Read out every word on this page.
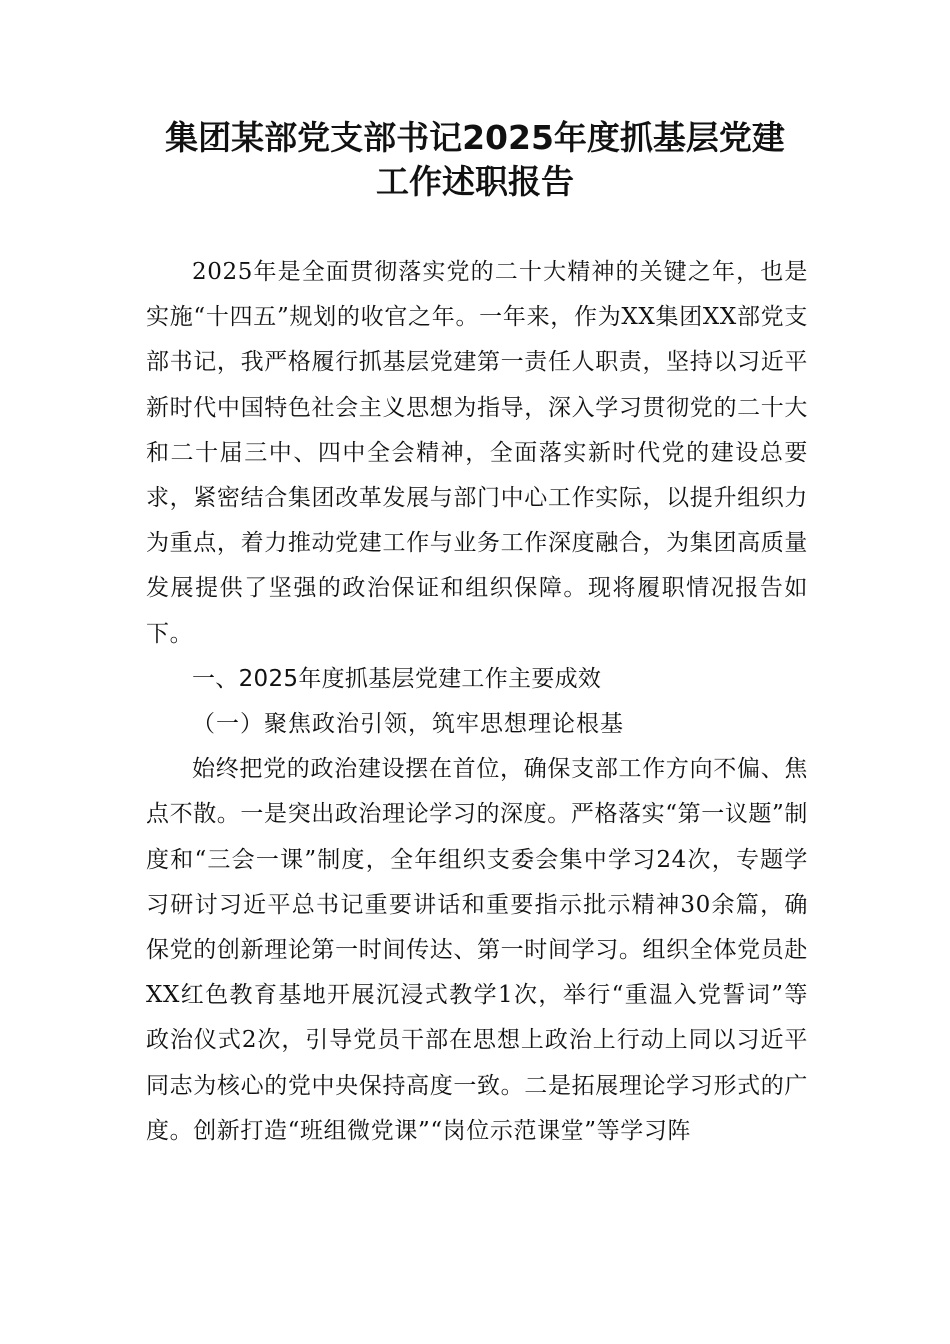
集团某部党支部书记2025年度抓基层党建
工作述职报告

2025年是全面贯彻落实党的二十大精神的关键之年，也是实施“十四五”规划的收官之年。一年来，作为XX集团XX部党支部书记，我严格履行抓基层党建第一责任人职责，坚持以习近平新时代中国特色社会主义思想为指导，深入学习贯彻党的二十大和二十届三中、四中全会精神，全面落实新时代党的建设总要求，紧密结合集团改革发展与部门中心工作实际，以提升组织力为重点，着力推动党建工作与业务工作深度融合，为集团高质量发展提供了坚强的政治保证和组织保障。现将履职情况报告如下。

一、2025年度抓基层党建工作主要成效

（一）聚焦政治引领，筑牢思想理论根基

始终把党的政治建设摆在首位，确保支部工作方向不偏、焦点不散。一是突出政治理论学习的深度。严格落实“第一议题”制度和“三会一课”制度，全年组织支委会集中学习24次，专题学习研讨习近平总书记重要讲话和重要指示批示精神30余篇，确保党的创新理论第一时间传达、第一时间学习。组织全体党员赴XX红色教育基地开展沉浸式教学1次，举行“重温入党誓词”等政治仪式2次，引导党员干部在思想上政治上行动上同以习近平同志为核心的党中央保持高度一致。二是拓展理论学习形式的广度。创新打造“班组微党课”“岗位示范课堂”等学习阵
